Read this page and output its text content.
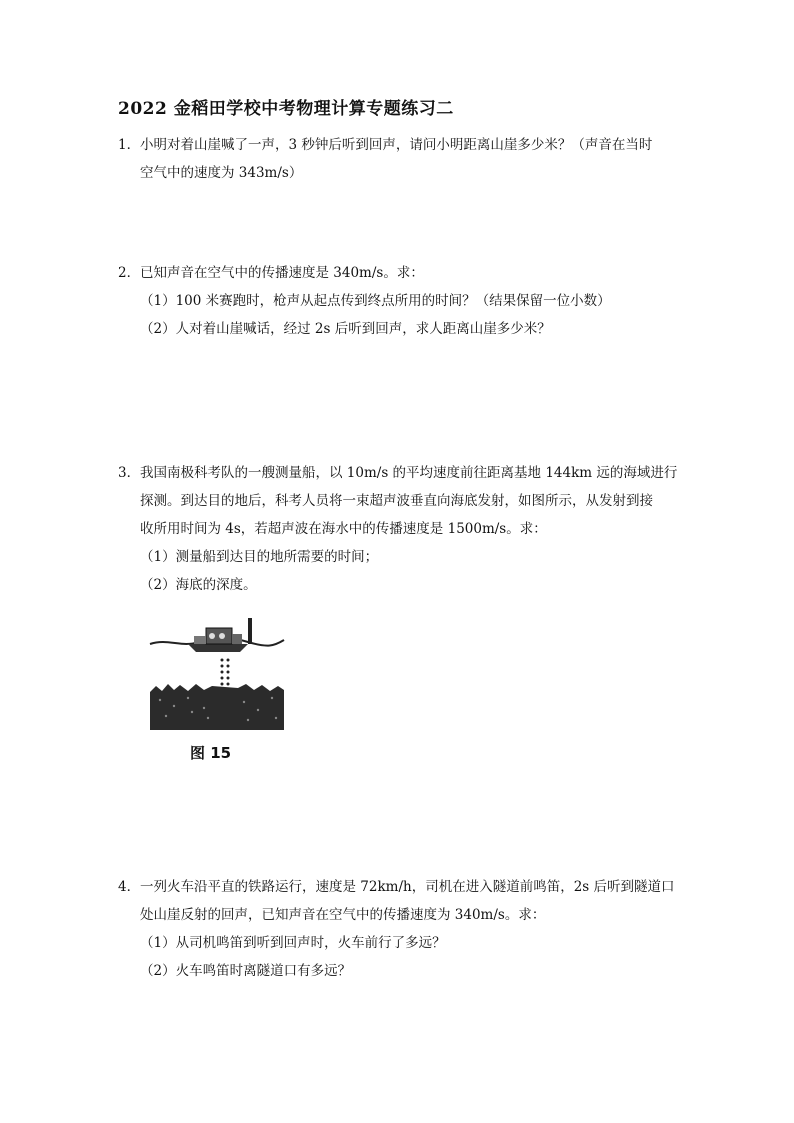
2022 金稻田学校中考物理计算专题练习二
1．小明对着山崖喊了一声，3 秒钟后听到回声，请问小明距离山崖多少米？（声音在当时
空气中的速度为 343m/s）
2．已知声音在空气中的传播速度是 340m/s。求：
（1）100 米赛跑时，枪声从起点传到终点所用的时间？（结果保留一位小数）
（2）人对着山崖喊话，经过 2s 后听到回声，求人距离山崖多少米？
3．我国南极科考队的一艘测量船，以 10m/s 的平均速度前往距离基地 144km 远的海域进行
探测。到达目的地后，科考人员将一束超声波垂直向海底发射，如图所示，从发射到接
收所用时间为 4s，若超声波在海水中的传播速度是 1500m/s。求：
（1）测量船到达目的地所需要的时间；
（2）海底的深度。
图 15
4．一列火车沿平直的铁路运行，速度是 72km/h，司机在进入隧道前鸣笛，2s 后听到隧道口
处山崖反射的回声，已知声音在空气中的传播速度为 340m/s。求：
（1）从司机鸣笛到听到回声时，火车前行了多远？
（2）火车鸣笛时离隧道口有多远？
